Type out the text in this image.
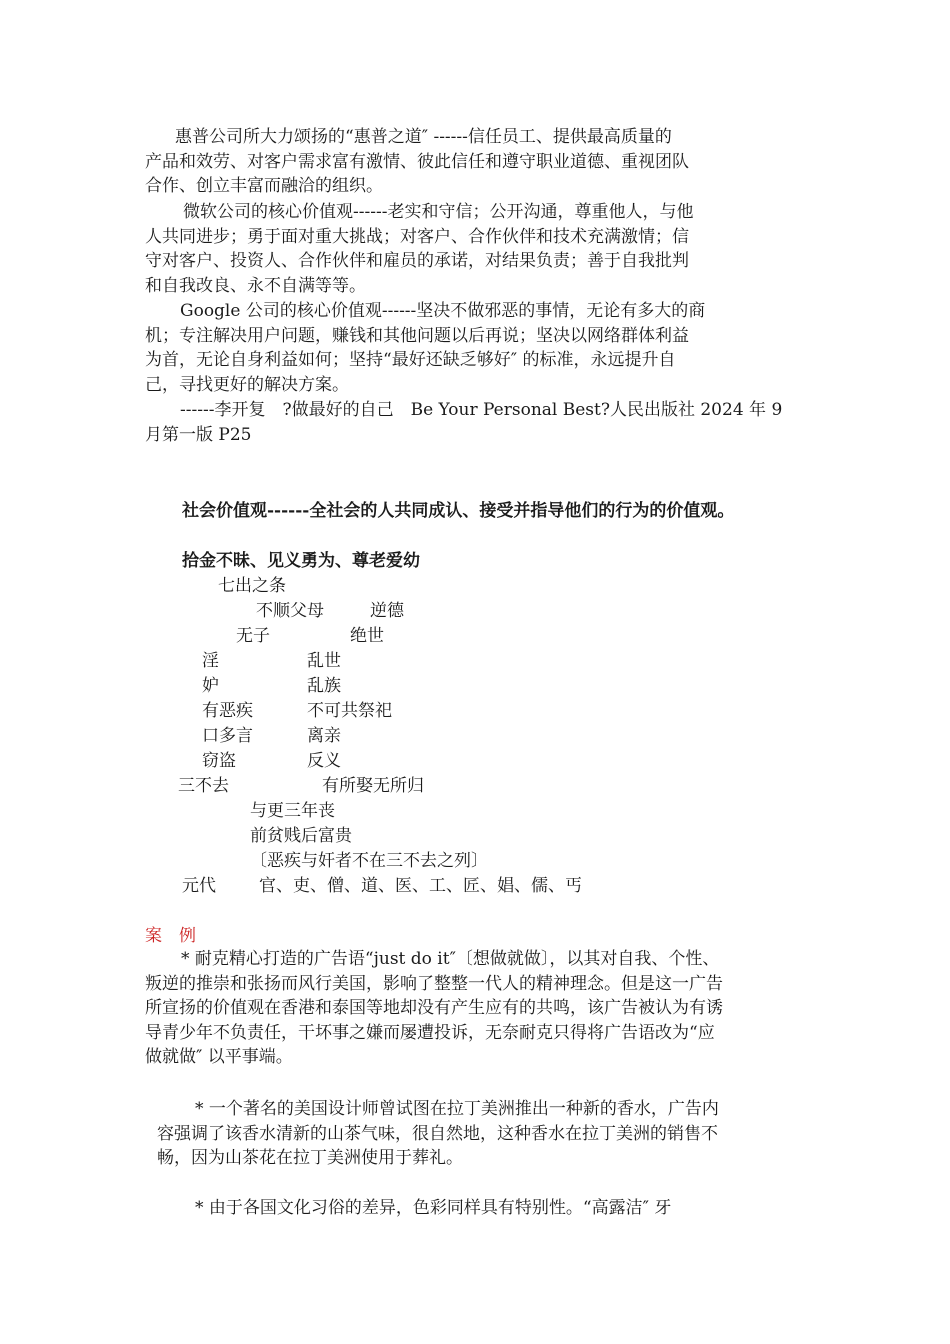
惠普公司所大力颂扬的“惠普之道″ ------信任员工、提供最高质量的
产品和效劳、对客户需求富有激情、彼此信任和遵守职业道德、重视团队
合作、创立丰富而融洽的组织。
微软公司的核心价值观------老实和守信；公开沟通，尊重他人，与他
人共同进步；勇于面对重大挑战；对客户、合作伙伴和技术充满激情；信
守对客户、投资人、合作伙伴和雇员的承诺，对结果负责；善于自我批判
和自我改良、永不自满等等。
Google 公司的核心价值观------坚决不做邪恶的事情，无论有多大的商
机；专注解决用户问题，赚钱和其他问题以后再说；坚决以网络群体利益
为首，无论自身利益如何；坚持“最好还缺乏够好″ 的标准，永远提升自
己，寻找更好的解决方案。
------李开复　?做最好的自己　Be Your Personal Best?人民出版社 2024 年 9
月第一版 P25
社会价值观------全社会的人共同成认、接受并指导他们的行为的价值观。
拾金不昧、见义勇为、尊老爱幼
七出之条
不顺父母	逆德
无子	绝世
淫	乱世
妒	乱族
有恶疾	不可共祭祀
口多言	离亲
窃盗	反义
三不去	有所娶无所归
与更三年丧
前贫贱后富贵
〔恶疾与奸者不在三不去之列〕
元代	官、吏、僧、道、医、工、匠、娼、儒、丐
案　例
* 耐克精心打造的广告语“just do it″〔想做就做〕，以其对自我、个性、
叛逆的推崇和张扬而风行美国，影响了整整一代人的精神理念。但是这一广告
所宣扬的价值观在香港和泰国等地却没有产生应有的共鸣，该广告被认为有诱
导青少年不负责任，干坏事之嫌而屡遭投诉，无奈耐克只得将广告语改为“应
做就做″ 以平事端。
* 一个著名的美国设计师曾试图在拉丁美洲推出一种新的香水，广告内
容强调了该香水清新的山茶气味，很自然地，这种香水在拉丁美洲的销售不
畅，因为山茶花在拉丁美洲使用于葬礼。
* 由于各国文化习俗的差异，色彩同样具有特别性。“高露洁″ 牙
